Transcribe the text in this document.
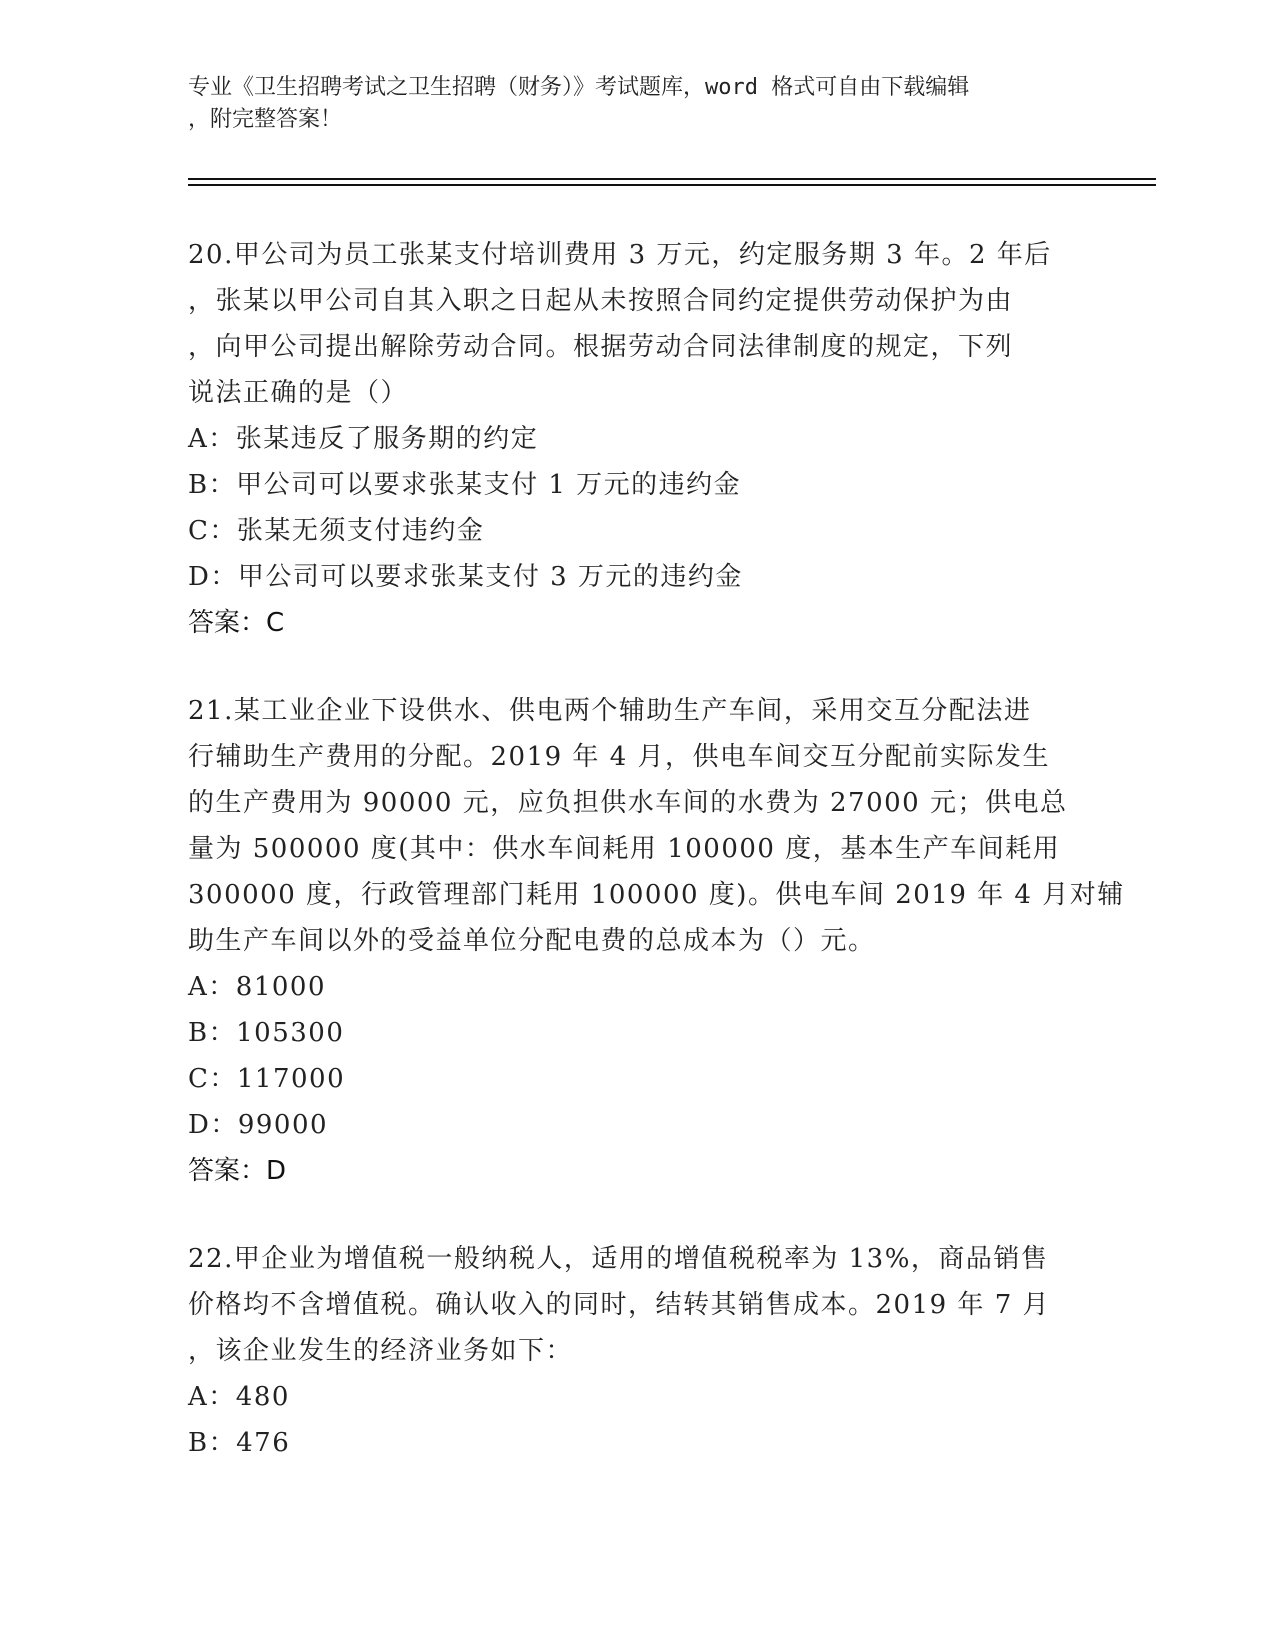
专业《卫生招聘考试之卫生招聘（财务）》考试题库，word 格式可自由下载编辑
，附完整答案！
20.甲公司为员工张某支付培训费用 3 万元，约定服务期 3 年。2 年后
，张某以甲公司自其入职之日起从未按照合同约定提供劳动保护为由
，向甲公司提出解除劳动合同。根据劳动合同法律制度的规定，下列
说法正确的是（）
A：张某违反了服务期的约定
B：甲公司可以要求张某支付 1 万元的违约金
C：张某无须支付违约金
D：甲公司可以要求张某支付 3 万元的违约金
答案：C
21.某工业企业下设供水、供电两个辅助生产车间，采用交互分配法进
行辅助生产费用的分配。2019 年 4 月，供电车间交互分配前实际发生
的生产费用为 90000 元，应负担供水车间的水费为 27000 元；供电总
量为 500000 度(其中：供水车间耗用 100000 度，基本生产车间耗用
300000 度，行政管理部门耗用 100000 度)。供电车间 2019 年 4 月对辅
助生产车间以外的受益单位分配电费的总成本为（）元。
A：81000
B：105300
C：117000
D：99000
答案：D
22.甲企业为增值税一般纳税人，适用的增值税税率为 13%，商品销售
价格均不含增值税。确认收入的同时，结转其销售成本。2019 年 7 月
，该企业发生的经济业务如下：
A：480
B：476
